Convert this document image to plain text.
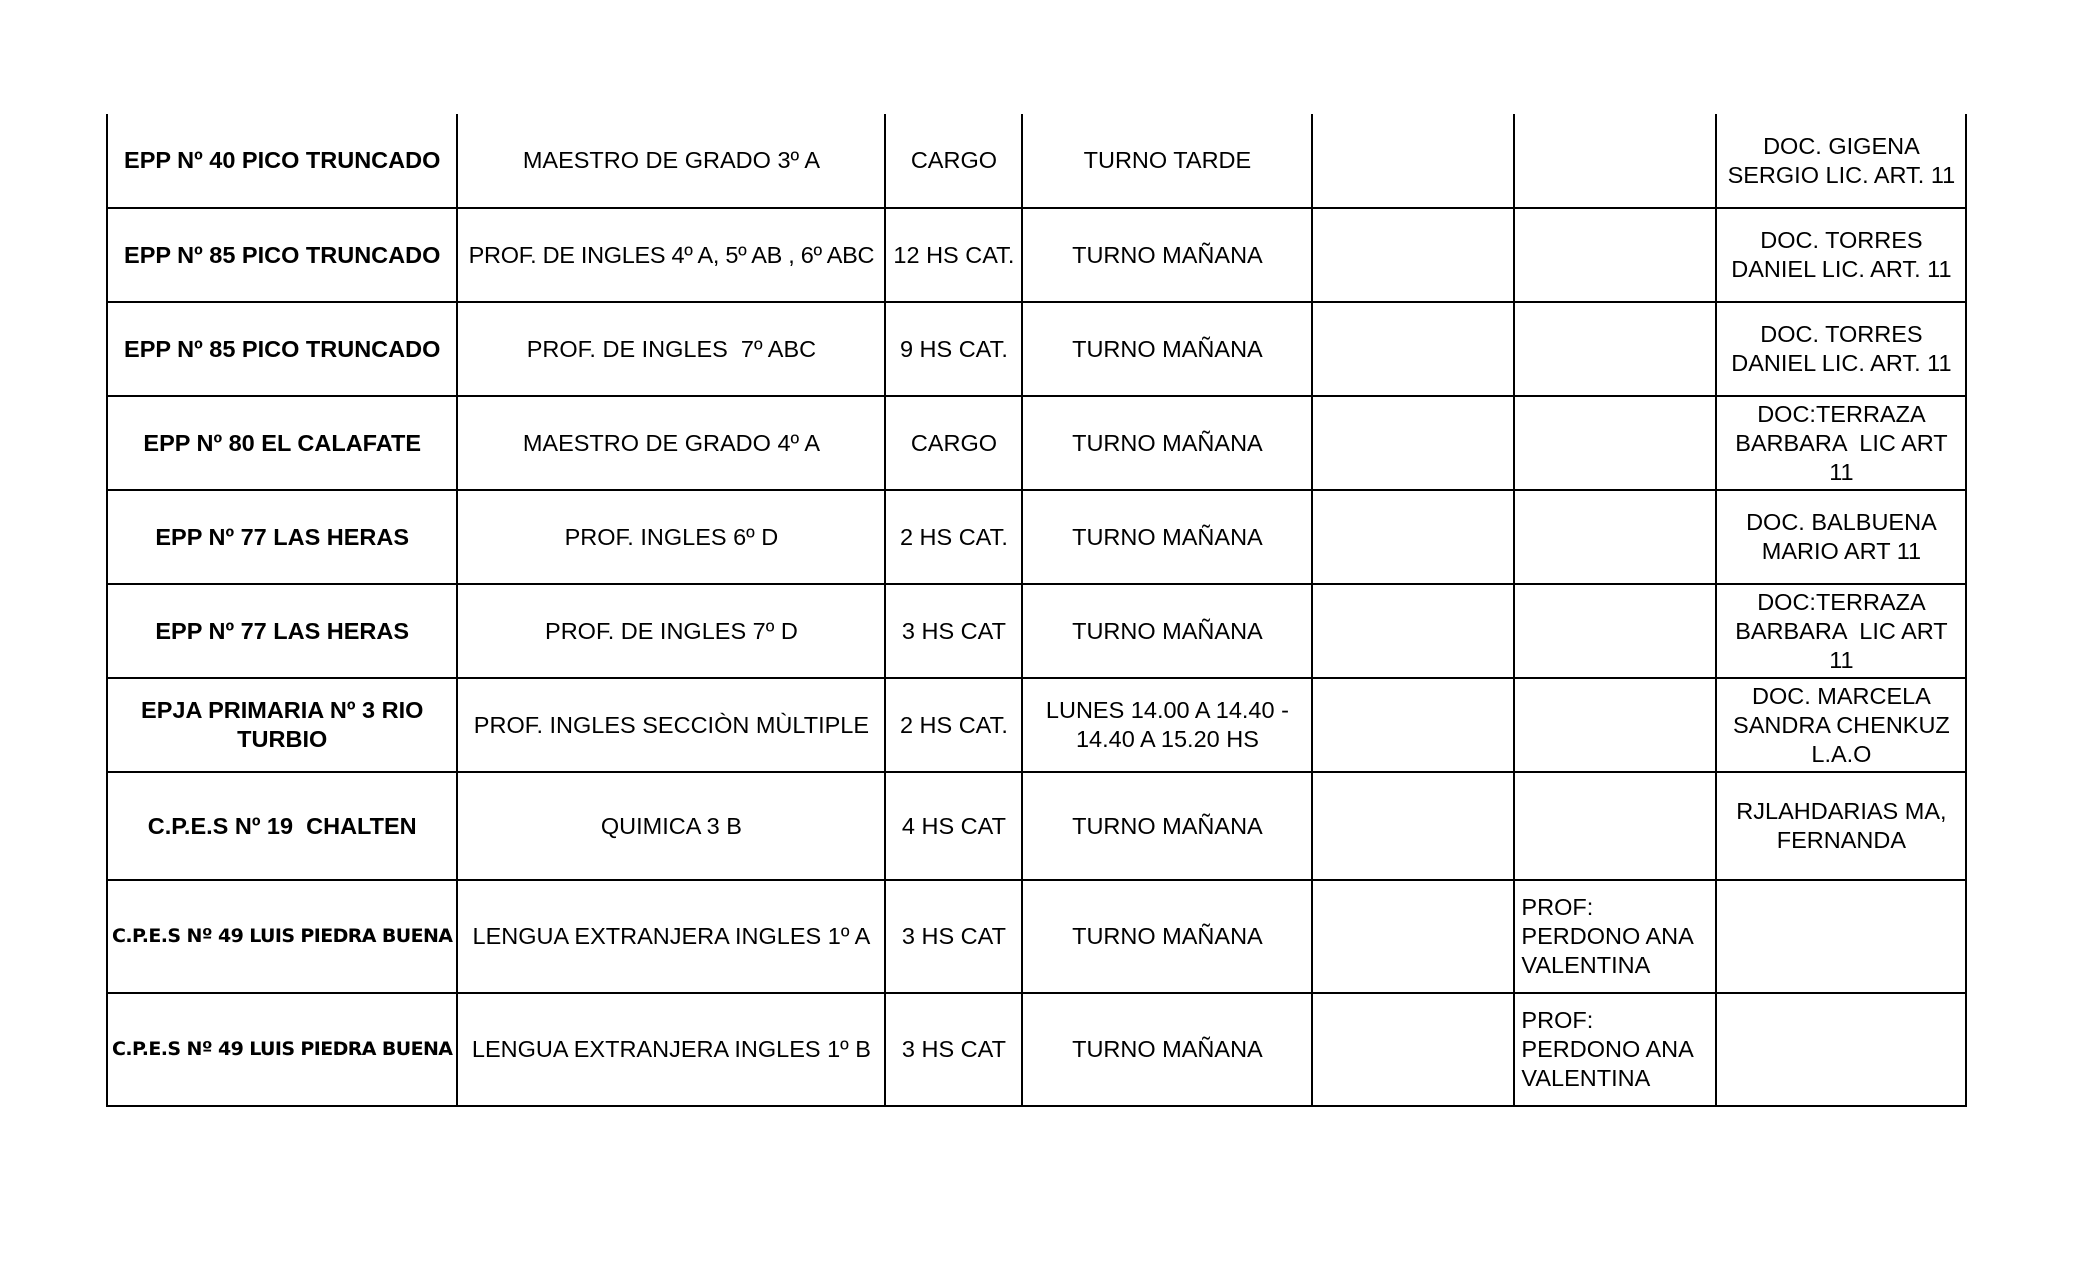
EPP Nº 40 PICO TRUNCADO	MAESTRO DE GRADO 3º A	CARGO	TURNO TARDE			DOC. GIGENA SERGIO LIC. ART. 11
EPP Nº 85 PICO TRUNCADO	PROF. DE INGLES 4º A, 5º AB , 6º ABC	12 HS CAT.	TURNO MAÑANA			DOC. TORRES DANIEL LIC. ART. 11
EPP Nº 85 PICO TRUNCADO	PROF. DE INGLES  7º ABC	9 HS CAT.	TURNO MAÑANA			DOC. TORRES DANIEL LIC. ART. 11
EPP Nº 80 EL CALAFATE	MAESTRO DE GRADO 4º A	CARGO	TURNO MAÑANA			DOC:TERRAZA BARBARA  LIC ART 11
EPP Nº 77 LAS HERAS	PROF. INGLES 6º D	2 HS CAT.	TURNO MAÑANA			DOC. BALBUENA MARIO ART 11
EPP Nº 77 LAS HERAS	PROF. DE INGLES 7º D	3 HS CAT	TURNO MAÑANA			DOC:TERRAZA BARBARA  LIC ART 11
EPJA PRIMARIA Nº 3 RIO TURBIO	PROF. INGLES SECCIÒN MÙLTIPLE	2 HS CAT.	LUNES 14.00 A 14.40 - 14.40 A 15.20 HS			DOC. MARCELA SANDRA CHENKUZ L.A.O
C.P.E.S Nº 19  CHALTEN	QUIMICA 3 B	4 HS CAT	TURNO MAÑANA			RJLAHDARIAS MA, FERNANDA
C.P.E.S Nº 49 LUIS PIEDRA BUENA	LENGUA EXTRANJERA INGLES 1º A	3 HS CAT	TURNO MAÑANA		PROF: PERDONO ANA VALENTINA	
C.P.E.S Nº 49 LUIS PIEDRA BUENA	LENGUA EXTRANJERA INGLES 1º B	3 HS CAT	TURNO MAÑANA		PROF: PERDONO ANA VALENTINA	
